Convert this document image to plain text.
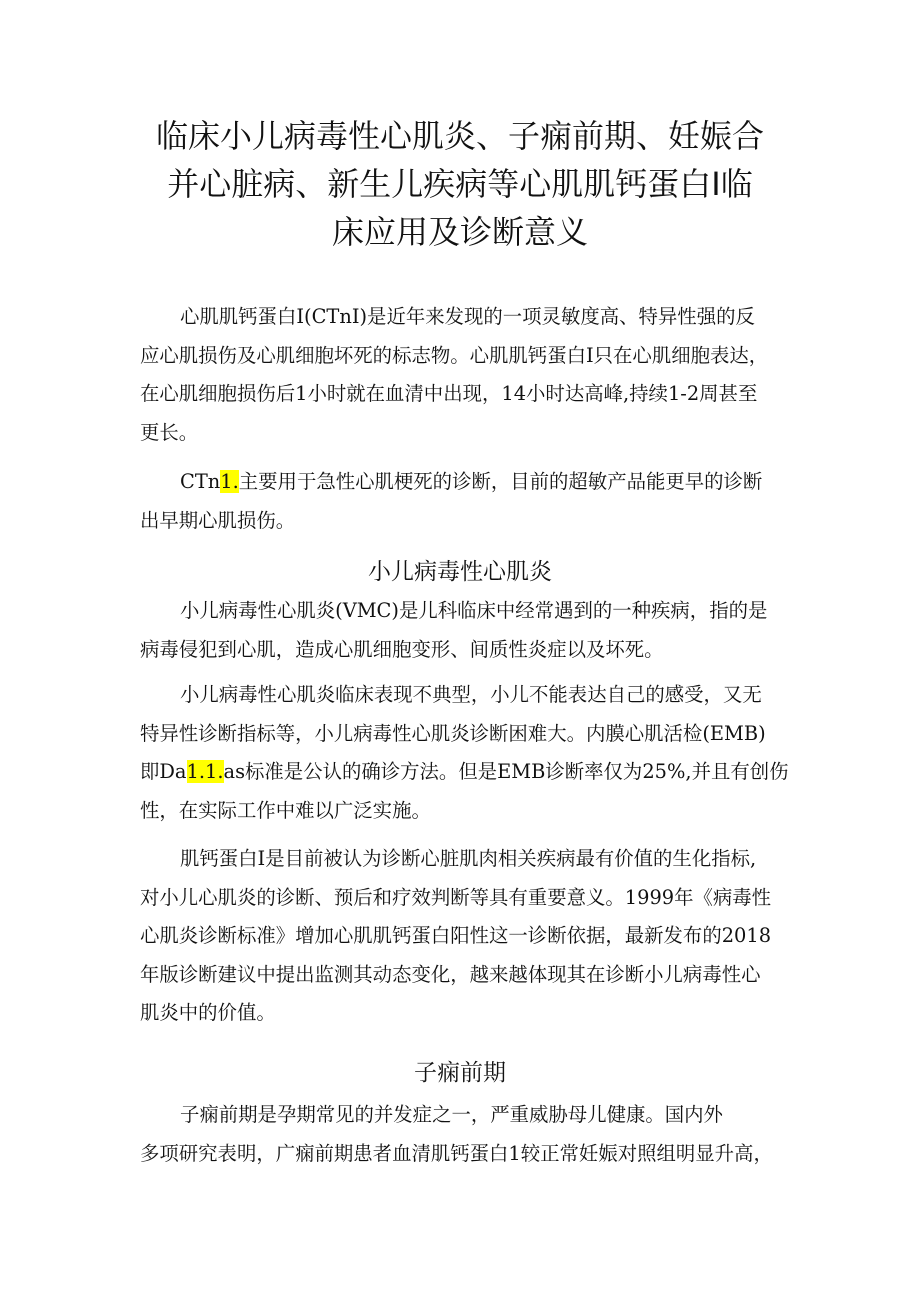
临床小儿病毒性心肌炎、子痫前期、妊娠合
并心脏病、新生儿疾病等心肌肌钙蛋白I临
床应用及诊断意义

心肌肌钙蛋白I(CTnI)是近年来发现的一项灵敏度高、特异性强的反
应心肌损伤及心肌细胞坏死的标志物。心肌肌钙蛋白I只在心肌细胞表达，
在心肌细胞损伤后1小时就在血清中出现，14小时达高峰,持续1-2周甚至
更长。

CTn1.主要用于急性心肌梗死的诊断，目前的超敏产品能更早的诊断
出早期心肌损伤。

小儿病毒性心肌炎

小儿病毒性心肌炎(VMC)是儿科临床中经常遇到的一种疾病，指的是
病毒侵犯到心肌，造成心肌细胞变形、间质性炎症以及坏死。

小儿病毒性心肌炎临床表现不典型，小儿不能表达自己的感受，又无
特异性诊断指标等，小儿病毒性心肌炎诊断困难大。内膜心肌活检(EMB)
即Da1.1.as标准是公认的确诊方法。但是EMB诊断率仅为25%,并且有创伤
性，在实际工作中难以广泛实施。

肌钙蛋白I是目前被认为诊断心脏肌肉相关疾病最有价值的生化指标,
对小儿心肌炎的诊断、预后和疗效判断等具有重要意义。1999年《病毒性
心肌炎诊断标准》增加心肌肌钙蛋白阳性这一诊断依据，最新发布的2018
年版诊断建议中提出监测其动态变化，越来越体现其在诊断小儿病毒性心
肌炎中的价值。

子痫前期

子痫前期是孕期常见的并发症之一，严重威胁母儿健康。国内外
多项研究表明，广痫前期患者血清肌钙蛋白1较正常妊娠对照组明显升高，
